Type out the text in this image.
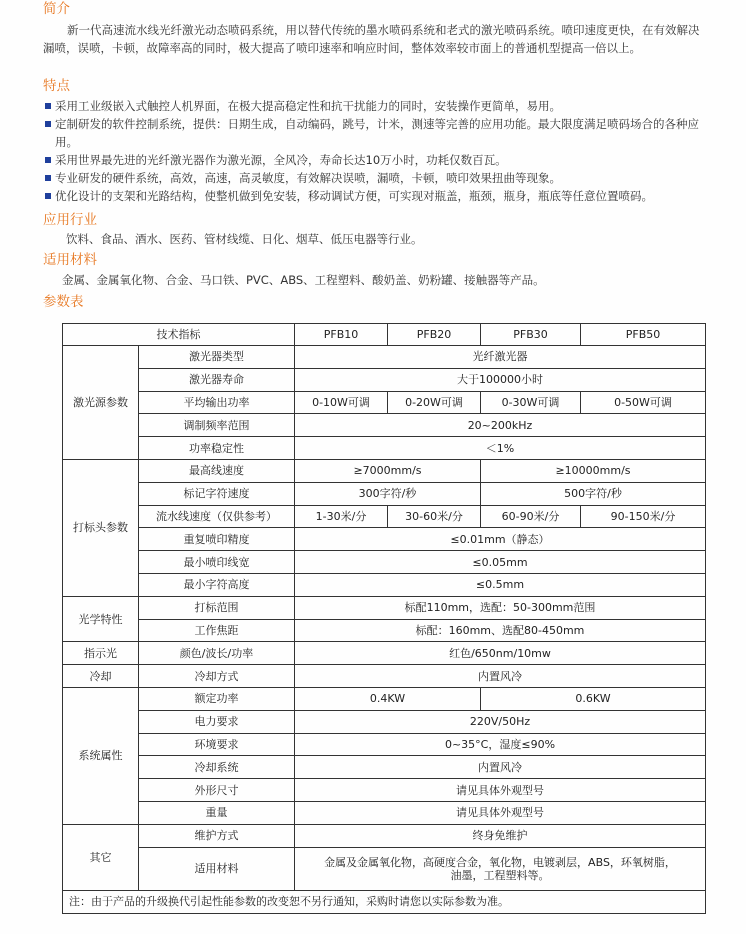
简介
新一代高速流水线光纤激光动态喷码系统，用以替代传统的墨水喷码系统和老式的激光喷码系统。喷印速度更快，在有效解决漏喷，误喷，卡顿，故障率高的同时，极大提高了喷印速率和响应时间，整体效率较市面上的普通机型提高一倍以上。
特点
采用工业级嵌入式触控人机界面，在极大提高稳定性和抗干扰能力的同时，安装操作更简单，易用。
定制研发的软件控制系统，提供：日期生成，自动编码，跳号，计米，测速等完善的应用功能。最大限度满足喷码场合的各种应用。
采用世界最先进的光纤激光器作为激光源，全风冷，寿命长达10万小时，功耗仅数百瓦。
专业研发的硬件系统，高效，高速，高灵敏度，有效解决误喷，漏喷，卡顿，喷印效果扭曲等现象。
优化设计的支架和光路结构，使整机做到免安装，移动调试方便，可实现对瓶盖，瓶颈，瓶身，瓶底等任意位置喷码。
应用行业
饮料、食品、酒水、医药、管材线缆、日化、烟草、低压电器等行业。
适用材料
金属、金属氧化物、合金、马口铁、PVC、ABS、工程塑料、酸奶盖、奶粉罐、接触器等产品。
参数表
技术指标		PFB10	PFB20	PFB30	PFB50
激光源参数	激光器类型	光纤激光器			
	激光器寿命	大于100000小时			
	平均输出功率	0-10W可调	0-20W可调	0-30W可调	0-50W可调
	调制频率范围	20~200kHz			
	功率稳定性	＜1%			
打标头参数	最高线速度	≥7000mm/s		≥10000mm/s	
	标记字符速度	300字符/秒		500字符/秒	
	流水线速度（仅供参考）	1-30米/分	30-60米/分	60-90米/分	90-150米/分
	重复喷印精度	≤0.01mm（静态）			
	最小喷印线宽	≤0.05mm			
	最小字符高度	≤0.5mm			
光学特性	打标范围	标配110mm，选配：50-300mm范围			
	工作焦距	标配：160mm、选配80-450mm			
指示光	颜色/波长/功率	红色/650nm/10mw			
冷却	冷却方式	内置风冷			
系统属性	额定功率	0.4KW		0.6KW	
	电力要求	220V/50Hz			
	环境要求	0~35°C，湿度≤90%			
	冷却系统	内置风冷			
	外形尺寸	请见具体外观型号			
	重量	请见具体外观型号			
其它	维护方式	终身免维护			
	适用材料	金属及金属氧化物，高硬度合金，氧化物，电镀剥层，ABS，环氧树脂，油墨，工程塑料等。			
注：由于产品的升级换代引起性能参数的改变恕不另行通知，采购时请您以实际参数为准。					
